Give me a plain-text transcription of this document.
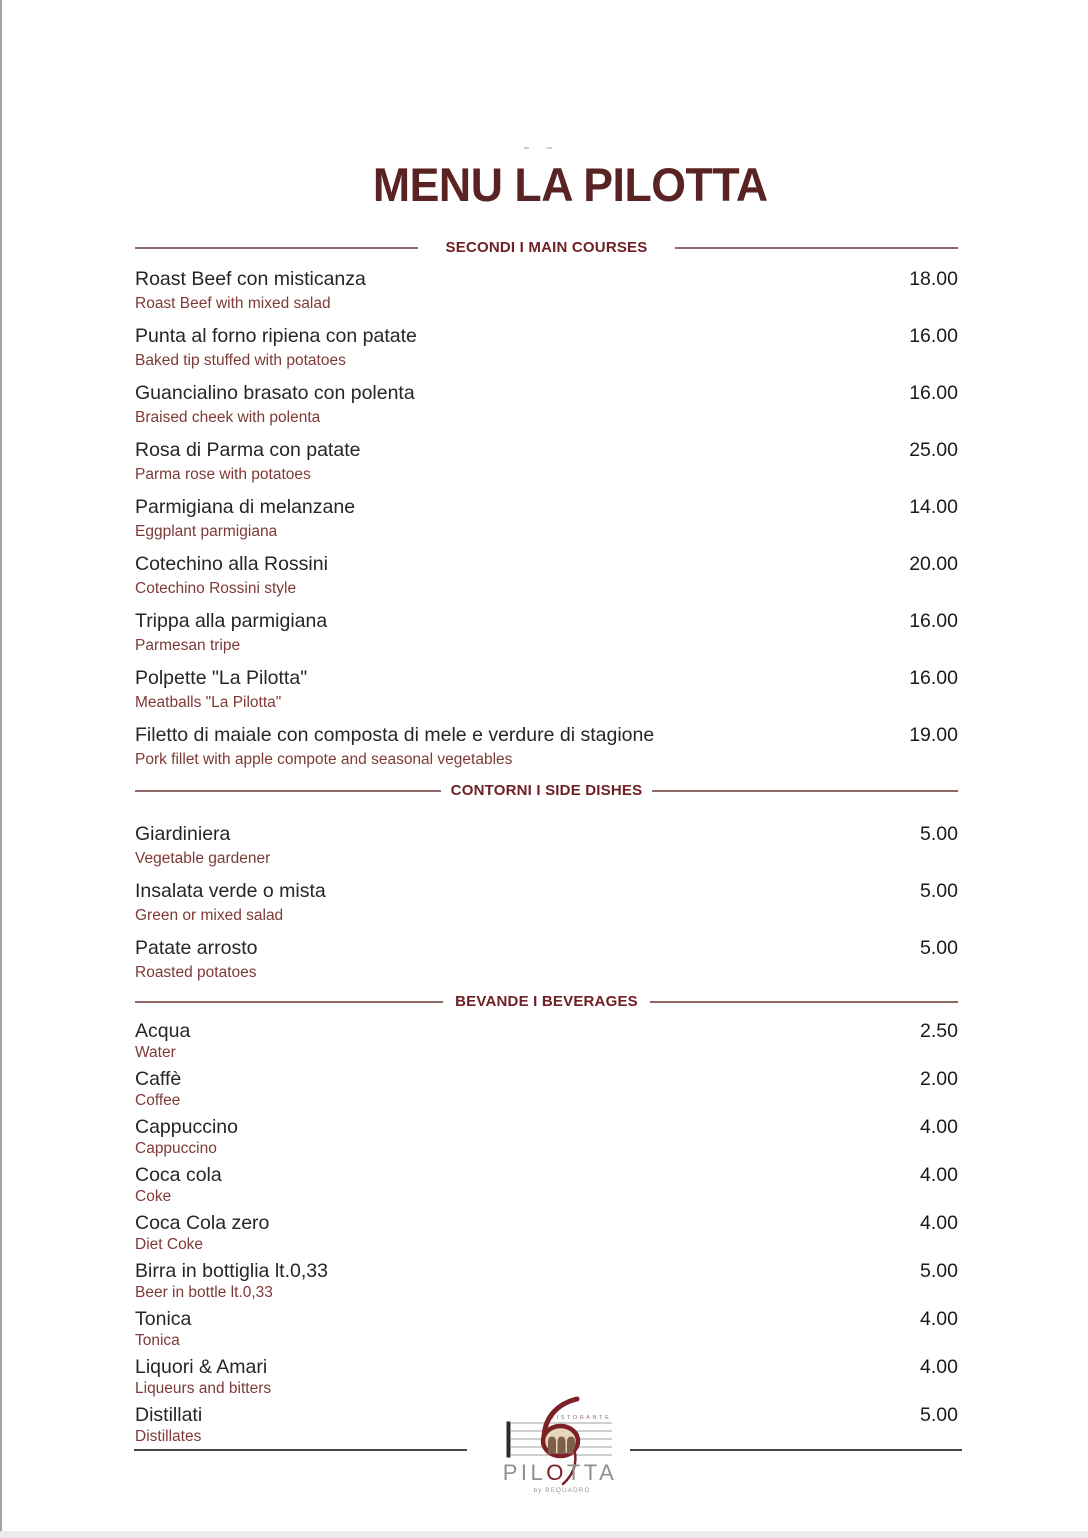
MENU LA PILOTTA
SECONDI I MAIN COURSES
Roast Beef con misticanza	18.00
Roast Beef with mixed salad
Punta al forno ripiena con patate	16.00
Baked tip stuffed with potatoes
Guancialino brasato con polenta	16.00
Braised cheek with polenta
Rosa di Parma con patate	25.00
Parma rose with potatoes
Parmigiana di melanzane	14.00
Eggplant parmigiana
Cotechino alla Rossini	20.00
Cotechino Rossini style
Trippa alla parmigiana	16.00
Parmesan tripe
Polpette "La Pilotta"	16.00
Meatballs "La Pilotta"
Filetto di maiale con composta di mele e verdure di stagione	19.00
Pork fillet with apple compote and seasonal vegetables
CONTORNI I SIDE DISHES
Giardiniera	5.00
Vegetable gardener
Insalata verde o mista	5.00
Green or mixed salad
Patate arrosto	5.00
Roasted potatoes
BEVANDE I BEVERAGES
Acqua	2.50
Water
Caffè	2.00
Coffee
Cappuccino	4.00
Cappuccino
Coca cola	4.00
Coke
Coca Cola zero	4.00
Diet Coke
Birra in bottiglia lt.0,33	5.00
Beer in bottle lt.0,33
Tonica	4.00
Tonica
Liquori & Amari	4.00
Liqueurs and bitters
Distillati	5.00
Distillates
RISTORANTE
PILOTTA
by BEQUADRO
